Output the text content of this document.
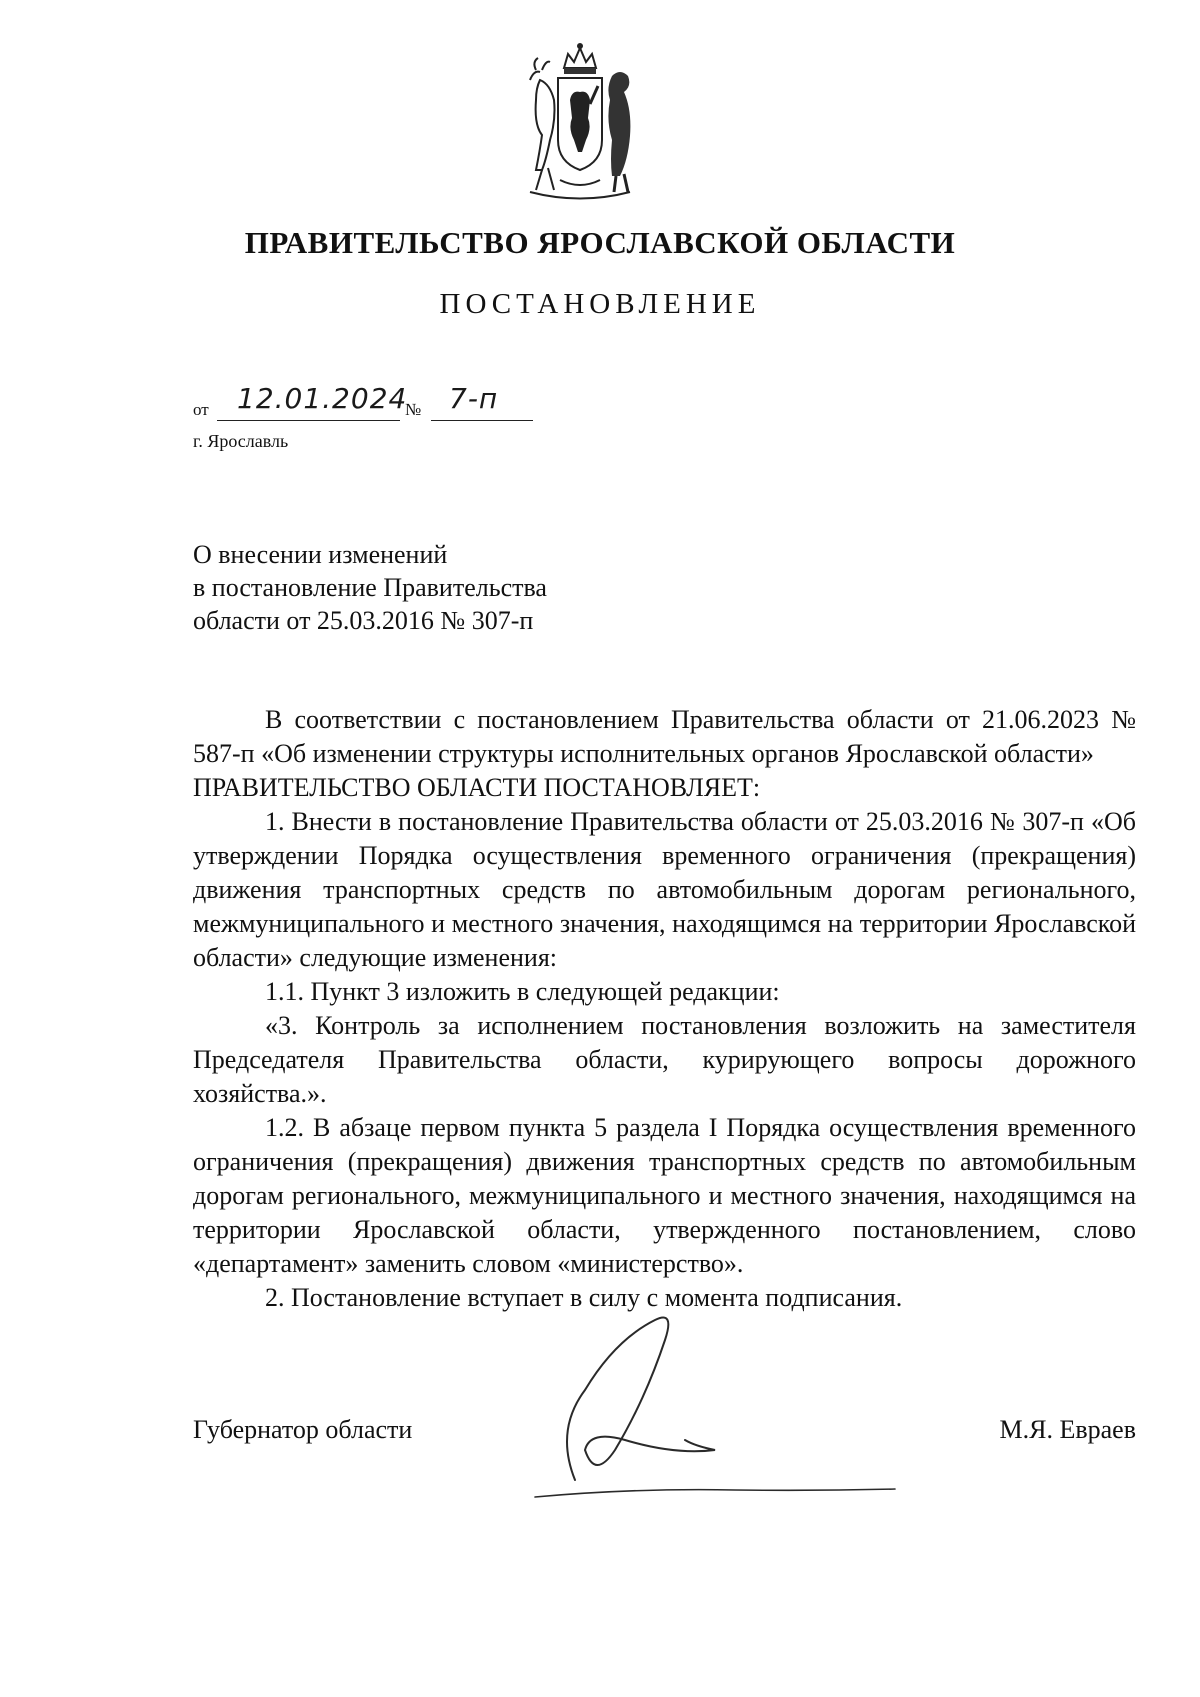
ПРАВИТЕЛЬСТВО ЯРОСЛАВСКОЙ ОБЛАСТИ
ПОСТАНОВЛЕНИЕ
от 12.01.2024
№ 7-п
г. Ярославль
О внесении изменений
в постановление Правительства
области от 25.03.2016 № 307-п

В соответствии с постановлением Правительства области от 21.06.2023 № 587-п «Об изменении структуры исполнительных органов Ярославской области»

ПРАВИТЕЛЬСТВО ОБЛАСТИ ПОСТАНОВЛЯЕТ:

1. Внести в постановление Правительства области от 25.03.2016 № 307-п «Об утверждении Порядка осуществления временного ограничения (прекращения) движения транспортных средств по автомобильным дорогам регионального, межмуниципального и местного значения, находящимся на территории Ярославской области» следующие изменения:

1.1. Пункт 3 изложить в следующей редакции:

«3. Контроль за исполнением постановления возложить на заместителя Председателя Правительства области, курирующего вопросы дорожного хозяйства.».

1.2. В абзаце первом пункта 5 раздела I Порядка осуществления временного ограничения (прекращения) движения транспортных средств по автомобильным дорогам регионального, межмуниципального и местного значения, находящимся на территории Ярославской области, утвержденного постановлением, слово «департамент» заменить словом «министерство».

2. Постановление вступает в силу с момента подписания.

Губернатор области	М.Я. Евраев
